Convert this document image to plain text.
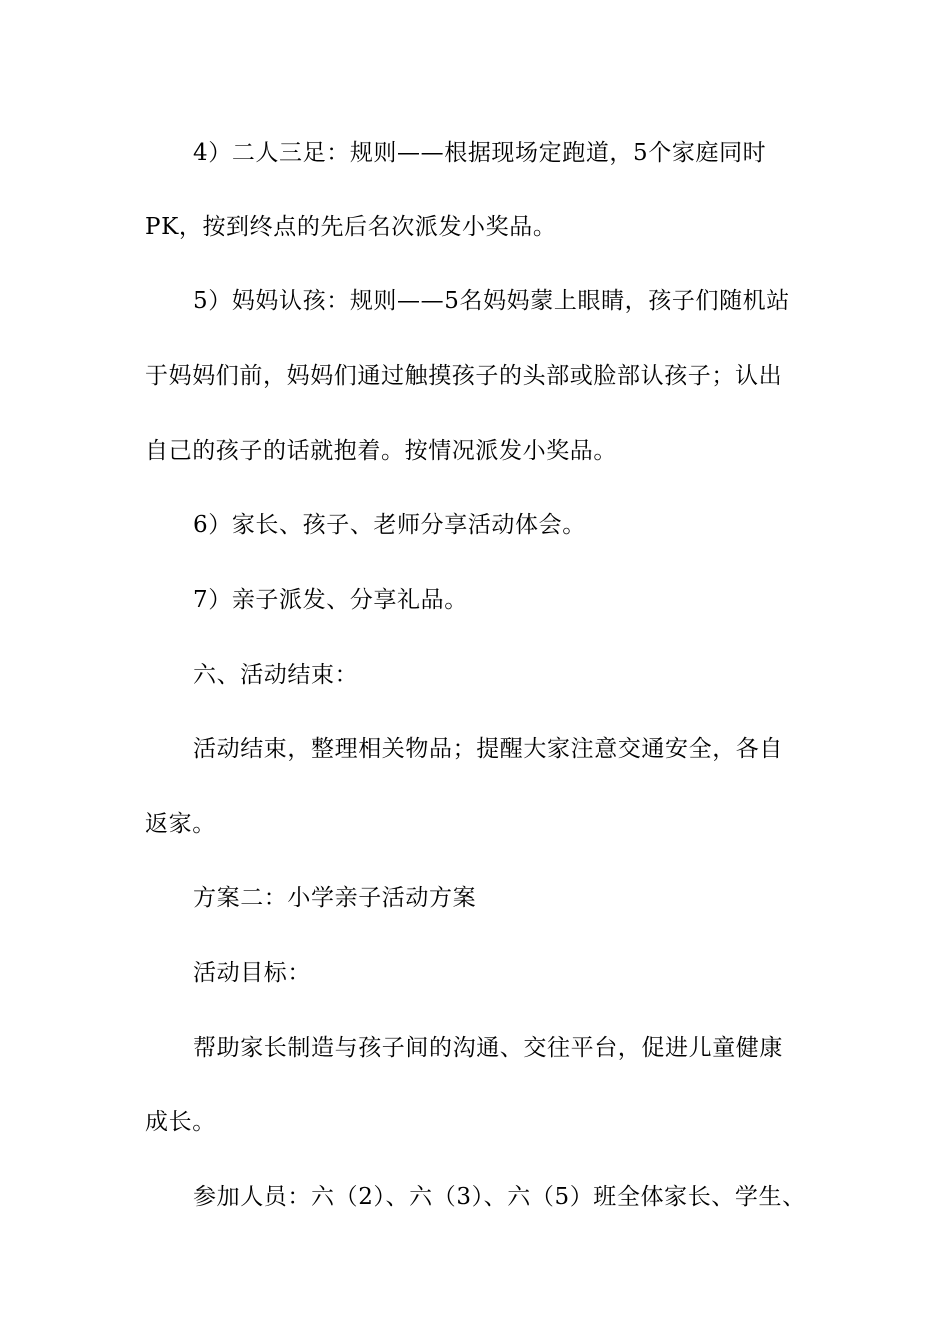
4）二人三足：规则——根据现场定跑道，5个家庭同时
PK，按到终点的先后名次派发小奖品。
5）妈妈认孩：规则——5名妈妈蒙上眼睛，孩子们随机站
于妈妈们前，妈妈们通过触摸孩子的头部或脸部认孩子；认出
自己的孩子的话就抱着。按情况派发小奖品。
6）家长、孩子、老师分享活动体会。
7）亲子派发、分享礼品。
六、活动结束：
活动结束，整理相关物品；提醒大家注意交通安全，各自
返家。
方案二：小学亲子活动方案
活动目标：
帮助家长制造与孩子间的沟通、交往平台，促进儿童健康
成长。
参加人员：六（2）、六（3）、六（5）班全体家长、学生、
